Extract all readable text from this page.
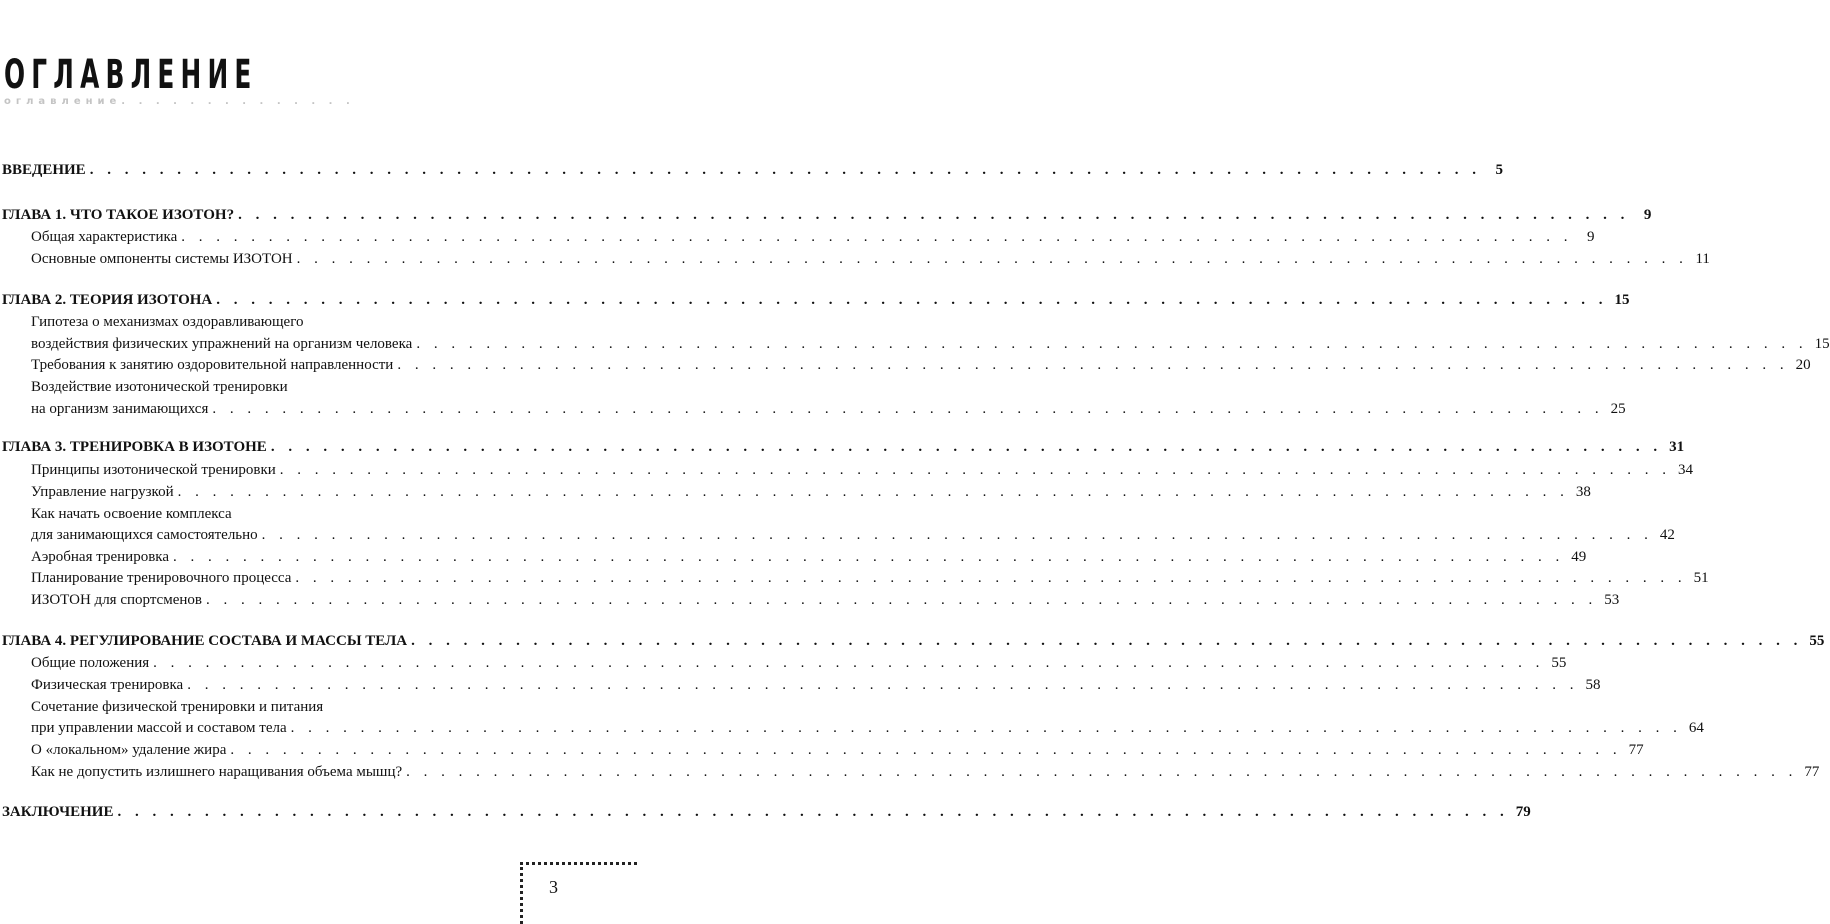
ОГЛАВЛЕНИЕ
оглавление. . . . . . . . . . . . . .
ВВЕДЕНИЕ . . . . . . . . . . . . . . . . . . . . . . . . . . . . . . . . . . . . . . . . . . . . . . . . . . . . . . . . . . . . . . . . . . . . . . . . . . . . . . . . 5
ГЛАВА 1. ЧТО ТАКОЕ ИЗОТОН? . . . . . . . . . . . . . . . . . . . . . . . . . . . . . . . . . . . . . . . . . . . . . . . . . . . . . . . . . . . . . . . . . . . . . . . . . . . . . . . . 9
Общая характеристика . . . . . . . . . . . . . . . . . . . . . . . . . . . . . . . . . . . . . . . . . . . . . . . . . . . . . . . . . . . . . . . . . . . . . . . . . . . . . . . . 9
Основные омпоненты системы ИЗОТОН . . . . . . . . . . . . . . . . . . . . . . . . . . . . . . . . . . . . . . . . . . . . . . . . . . . . . . . . . . . . . . . . . . . . . . . . . . . . . . . . 11
ГЛАВА 2. ТЕОРИЯ ИЗОТОНА . . . . . . . . . . . . . . . . . . . . . . . . . . . . . . . . . . . . . . . . . . . . . . . . . . . . . . . . . . . . . . . . . . . . . . . . . . . . . . . . 15
Гипотеза о механизмах оздоравливающего
воздействия физических упражнений на организм человека . . . . . . . . . . . . . . . . . . . . . . . . . . . . . . . . . . . . . . . . . . . . . . . . . . . . . . . . . . . . . . . . . . . . . . . . . . . . . . . . 15
Требования к занятию оздоровительной направленности . . . . . . . . . . . . . . . . . . . . . . . . . . . . . . . . . . . . . . . . . . . . . . . . . . . . . . . . . . . . . . . . . . . . . . . . . . . . . . . . 20
Воздействие изотонической тренировки
на организм занимающихся . . . . . . . . . . . . . . . . . . . . . . . . . . . . . . . . . . . . . . . . . . . . . . . . . . . . . . . . . . . . . . . . . . . . . . . . . . . . . . . . 25
ГЛАВА 3. ТРЕНИРОВКА В ИЗОТОНЕ . . . . . . . . . . . . . . . . . . . . . . . . . . . . . . . . . . . . . . . . . . . . . . . . . . . . . . . . . . . . . . . . . . . . . . . . . . . . . . . . 31
Принципы изотонической тренировки . . . . . . . . . . . . . . . . . . . . . . . . . . . . . . . . . . . . . . . . . . . . . . . . . . . . . . . . . . . . . . . . . . . . . . . . . . . . . . . . 34
Управление нагрузкой . . . . . . . . . . . . . . . . . . . . . . . . . . . . . . . . . . . . . . . . . . . . . . . . . . . . . . . . . . . . . . . . . . . . . . . . . . . . . . . . 38
Как начать освоение комплекса
для занимающихся самостоятельно . . . . . . . . . . . . . . . . . . . . . . . . . . . . . . . . . . . . . . . . . . . . . . . . . . . . . . . . . . . . . . . . . . . . . . . . . . . . . . . . 42
Аэробная тренировка . . . . . . . . . . . . . . . . . . . . . . . . . . . . . . . . . . . . . . . . . . . . . . . . . . . . . . . . . . . . . . . . . . . . . . . . . . . . . . . . 49
Планирование тренировочного процесса . . . . . . . . . . . . . . . . . . . . . . . . . . . . . . . . . . . . . . . . . . . . . . . . . . . . . . . . . . . . . . . . . . . . . . . . . . . . . . . . 51
ИЗОТОН для спортсменов . . . . . . . . . . . . . . . . . . . . . . . . . . . . . . . . . . . . . . . . . . . . . . . . . . . . . . . . . . . . . . . . . . . . . . . . . . . . . . . . 53
ГЛАВА 4. РЕГУЛИРОВАНИЕ СОСТАВА И МАССЫ ТЕЛА . . . . . . . . . . . . . . . . . . . . . . . . . . . . . . . . . . . . . . . . . . . . . . . . . . . . . . . . . . . . . . . . . . . . . . . . . . . . . . . . 55
Общие положения . . . . . . . . . . . . . . . . . . . . . . . . . . . . . . . . . . . . . . . . . . . . . . . . . . . . . . . . . . . . . . . . . . . . . . . . . . . . . . . . 55
Физическая тренировка . . . . . . . . . . . . . . . . . . . . . . . . . . . . . . . . . . . . . . . . . . . . . . . . . . . . . . . . . . . . . . . . . . . . . . . . . . . . . . . . 58
Сочетание физической тренировки и питания
при управлении массой и составом тела . . . . . . . . . . . . . . . . . . . . . . . . . . . . . . . . . . . . . . . . . . . . . . . . . . . . . . . . . . . . . . . . . . . . . . . . . . . . . . . . 64
О «локальном» удаление жира . . . . . . . . . . . . . . . . . . . . . . . . . . . . . . . . . . . . . . . . . . . . . . . . . . . . . . . . . . . . . . . . . . . . . . . . . . . . . . . . 77
Как не допустить излишнего наращивания объема мышц? . . . . . . . . . . . . . . . . . . . . . . . . . . . . . . . . . . . . . . . . . . . . . . . . . . . . . . . . . . . . . . . . . . . . . . . . . . . . . . . . 77
ЗАКЛЮЧЕНИЕ . . . . . . . . . . . . . . . . . . . . . . . . . . . . . . . . . . . . . . . . . . . . . . . . . . . . . . . . . . . . . . . . . . . . . . . . . . . . . . . . 79
3
